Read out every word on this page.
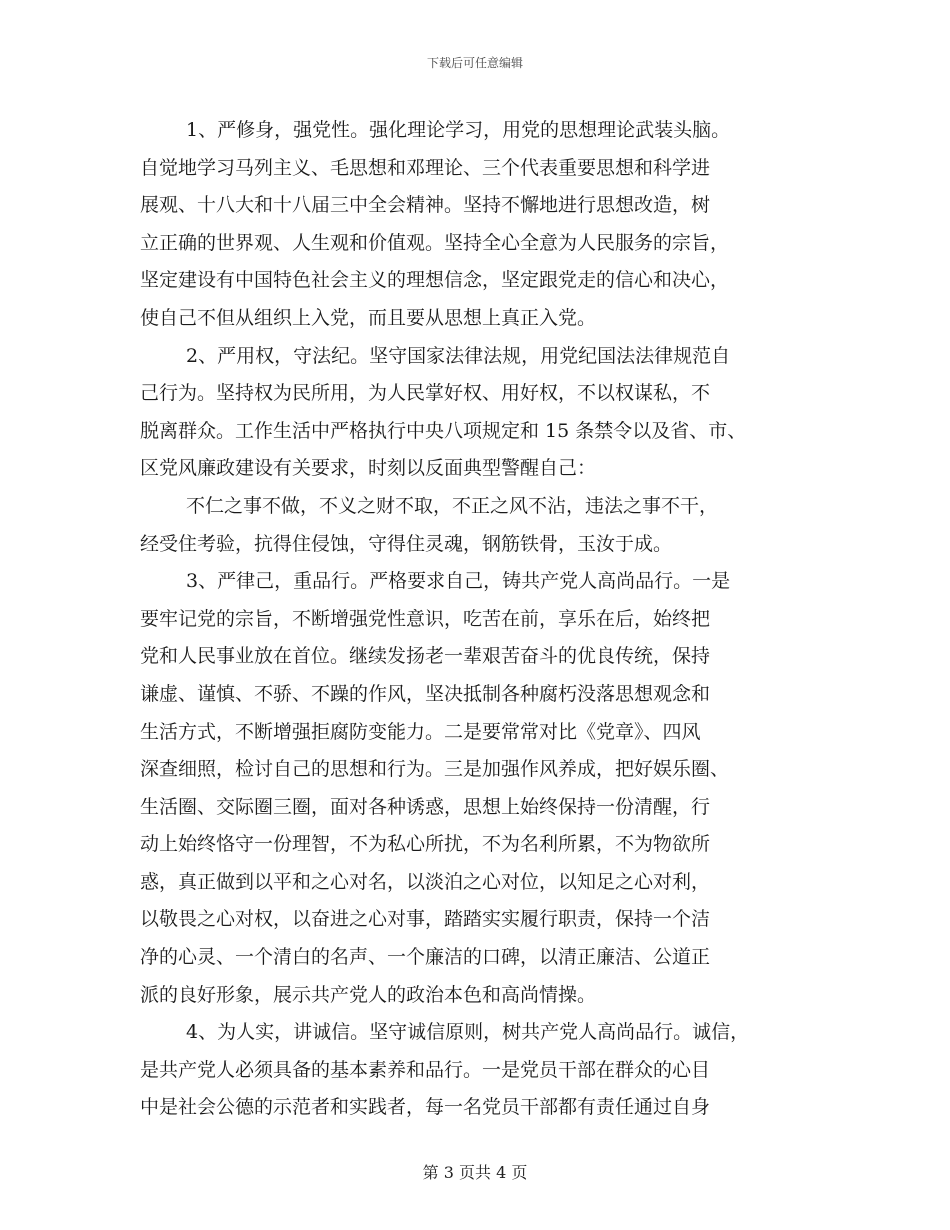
下载后可任意编辑
1、严修身，强党性。强化理论学习，用党的思想理论武装头脑。
自觉地学习马列主义、毛思想和邓理论、三个代表重要思想和科学进
展观、十八大和十八届三中全会精神。坚持不懈地进行思想改造，树
立正确的世界观、人生观和价值观。坚持全心全意为人民服务的宗旨，
坚定建设有中国特色社会主义的理想信念，坚定跟党走的信心和决心，
使自己不但从组织上入党，而且要从思想上真正入党。
2、严用权，守法纪。坚守国家法律法规，用党纪国法法律规范自
己行为。坚持权为民所用，为人民掌好权、用好权，不以权谋私，不
脱离群众。工作生活中严格执行中央八项规定和 15 条禁令以及省、市、
区党风廉政建设有关要求，时刻以反面典型警醒自己：
不仁之事不做，不义之财不取，不正之风不沾，违法之事不干，
经受住考验，抗得住侵蚀，守得住灵魂，钢筋铁骨，玉汝于成。
3、严律己，重品行。严格要求自己，铸共产党人高尚品行。一是
要牢记党的宗旨，不断增强党性意识，吃苦在前，享乐在后，始终把
党和人民事业放在首位。继续发扬老一辈艰苦奋斗的优良传统，保持
谦虚、谨慎、不骄、不躁的作风，坚决抵制各种腐朽没落思想观念和
生活方式，不断增强拒腐防变能力。二是要常常对比《党章》、四风
深查细照，检讨自己的思想和行为。三是加强作风养成，把好娱乐圈、
生活圈、交际圈三圈，面对各种诱惑，思想上始终保持一份清醒，行
动上始终恪守一份理智，不为私心所扰，不为名利所累，不为物欲所
惑，真正做到以平和之心对名，以淡泊之心对位，以知足之心对利，
以敬畏之心对权，以奋进之心对事，踏踏实实履行职责，保持一个洁
净的心灵、一个清白的名声、一个廉洁的口碑，以清正廉洁、公道正
派的良好形象，展示共产党人的政治本色和高尚情操。
4、为人实，讲诚信。坚守诚信原则，树共产党人高尚品行。诚信，
是共产党人必须具备的基本素养和品行。一是党员干部在群众的心目
中是社会公德的示范者和实践者，每一名党员干部都有责任通过自身
第 3 页共 4 页
